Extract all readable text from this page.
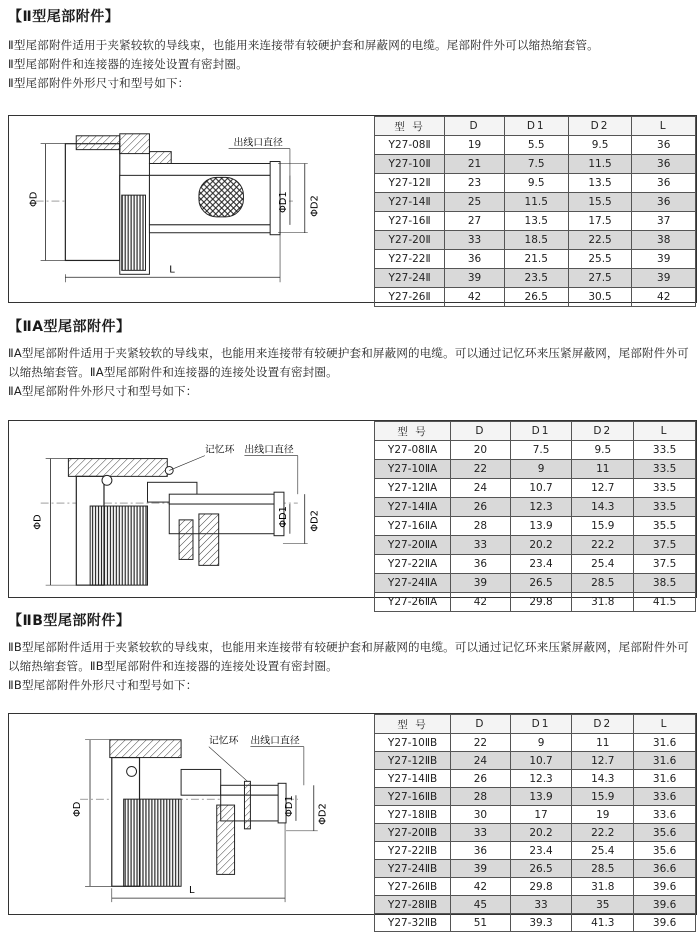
【Ⅱ型尾部附件】

Ⅱ型尾部附件适用于夹紧较软的导线束，也能用来连接带有较硬护套和屏蔽网的电缆。尾部附件外可以缩热缩套管。

Ⅱ型尾部附件和连接器的连接处设置有密封圈。

Ⅱ型尾部附件外形尺寸和型号如下：

ΦD	ΦD1 ΦD2
出线口直径
L
型 号	D	D1	D2	L
Y27-08Ⅱ	19	5.5	9.5	36
Y27-10Ⅱ	21	7.5	11.5	36
Y27-12Ⅱ	23	9.5	13.5	36
Y27-14Ⅱ	25	11.5	15.5	36
Y27-16Ⅱ	27	13.5	17.5	37
Y27-20Ⅱ	33	18.5	22.5	38
Y27-22Ⅱ	36	21.5	25.5	39
Y27-24Ⅱ	39	23.5	27.5	39
Y27-26Ⅱ	42	26.5	30.5	42
【ⅡA型尾部附件】

ⅡA型尾部附件适用于夹紧较软的导线束，也能用来连接带有较硬护套和屏蔽网的电缆。可以通过记忆环来压紧屏蔽网，尾部附件外可以缩热缩套管。ⅡA型尾部附件和连接器的连接处设置有密封圈。

ⅡA型尾部附件外形尺寸和型号如下：

ΦD	ΦD1 ΦD2
记忆环 出线口直径
型 号	D	D1	D2	L
Y27-08ⅡA	20	7.5	9.5	33.5
Y27-10ⅡA	22	9	11	33.5
Y27-12ⅡA	24	10.7	12.7	33.5
Y27-14ⅡA	26	12.3	14.3	33.5
Y27-16ⅡA	28	13.9	15.9	35.5
Y27-20ⅡA	33	20.2	22.2	37.5
Y27-22ⅡA	36	23.4	25.4	37.5
Y27-24ⅡA	39	26.5	28.5	38.5
Y27-26ⅡA	42	29.8	31.8	41.5
【ⅡB型尾部附件】

ⅡB型尾部附件适用于夹紧较软的导线束，也能用来连接带有较硬护套和屏蔽网的电缆。可以通过记忆环来压紧屏蔽网，尾部附件外可以缩热缩套管。ⅡB型尾部附件和连接器的连接处设置有密封圈。

ⅡB型尾部附件外形尺寸和型号如下：

ΦD	ΦD1 ΦD2
记忆环 出线口直径
L
型 号	D	D1	D2	L
Y27-10ⅡB	22	9	11	31.6
Y27-12ⅡB	24	10.7	12.7	31.6
Y27-14ⅡB	26	12.3	14.3	31.6
Y27-16ⅡB	28	13.9	15.9	33.6
Y27-18ⅡB	30	17	19	33.6
Y27-20ⅡB	33	20.2	22.2	35.6
Y27-22ⅡB	36	23.4	25.4	35.6
Y27-24ⅡB	39	26.5	28.5	36.6
Y27-26ⅡB	42	29.8	31.8	39.6
Y27-28ⅡB	45	33	35	39.6
Y27-32ⅡB	51	39.3	41.3	39.6
